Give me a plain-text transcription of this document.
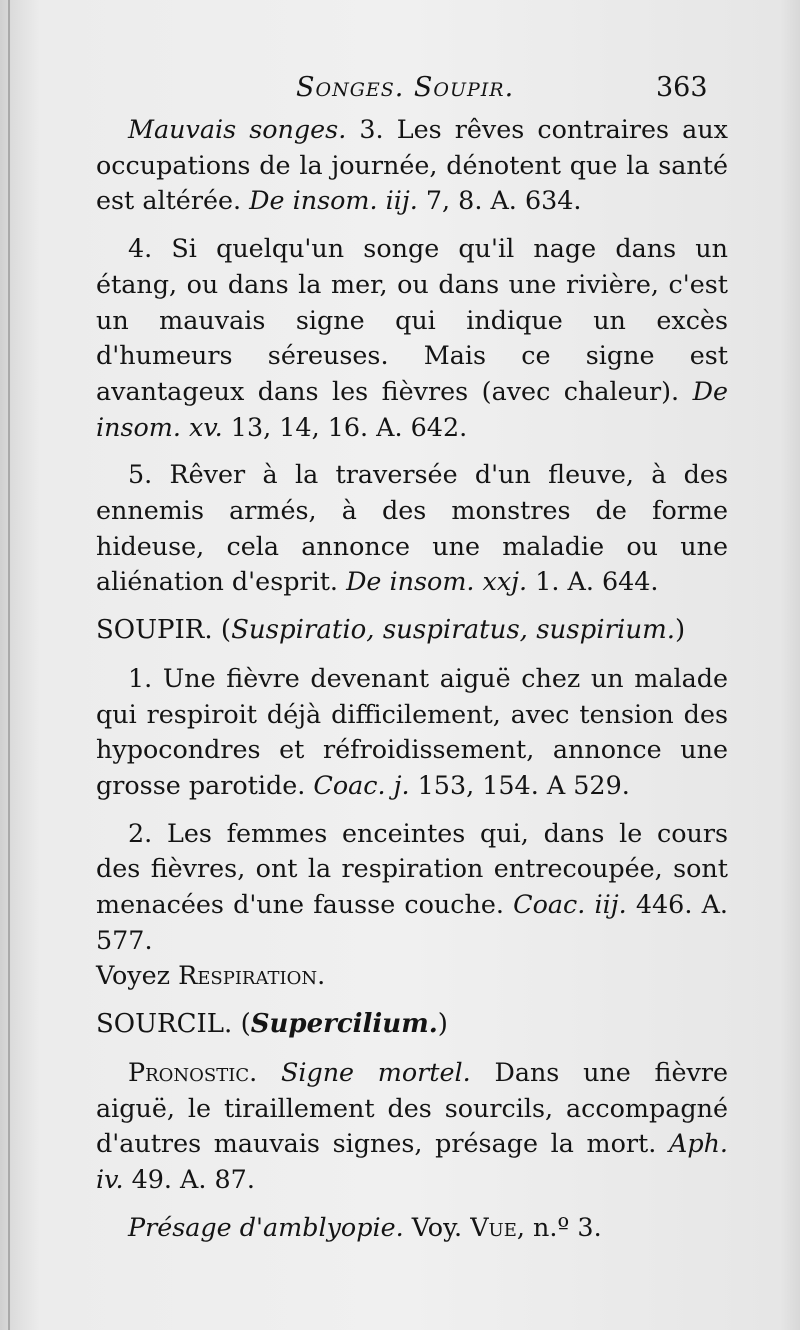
Songes. Soupir.	363

Mauvais songes. 3. Les rêves contraires aux occupations de la journée, dénotent que la santé est altérée. De insom. iij. 7, 8. A. 634.

4. Si quelqu'un songe qu'il nage dans un étang, ou dans la mer, ou dans une rivière, c'est un mauvais signe qui indique un excès d'humeurs séreuses. Mais ce signe est avantageux dans les fièvres (avec chaleur). De insom. xv. 13, 14, 16. A. 642.

5. Rêver à la traversée d'un fleuve, à des ennemis armés, à des monstres de forme hideuse, cela annonce une maladie ou une aliénation d'esprit. De insom. xxj. 1. A. 644.

SOUPIR. (Suspiratio, suspiratus, suspirium.)

1. Une fièvre devenant aiguë chez un malade qui respiroit déjà difficilement, avec tension des hypocondres et réfroidissement, annonce une grosse parotide. Coac. j. 153, 154. A 529.

2. Les femmes enceintes qui, dans le cours des fièvres, ont la respiration entrecoupée, sont menacées d'une fausse couche. Coac. iij. 446. A. 577.

Voyez Respiration.

SOURCIL. (Supercilium.)

Pronostic. Signe mortel. Dans une fièvre aiguë, le tiraillement des sourcils, accompagné d'autres mauvais signes, présage la mort. Aph. iv. 49. A. 87.

Présage d'amblyopie. Voy. Vue, n.º 3.
